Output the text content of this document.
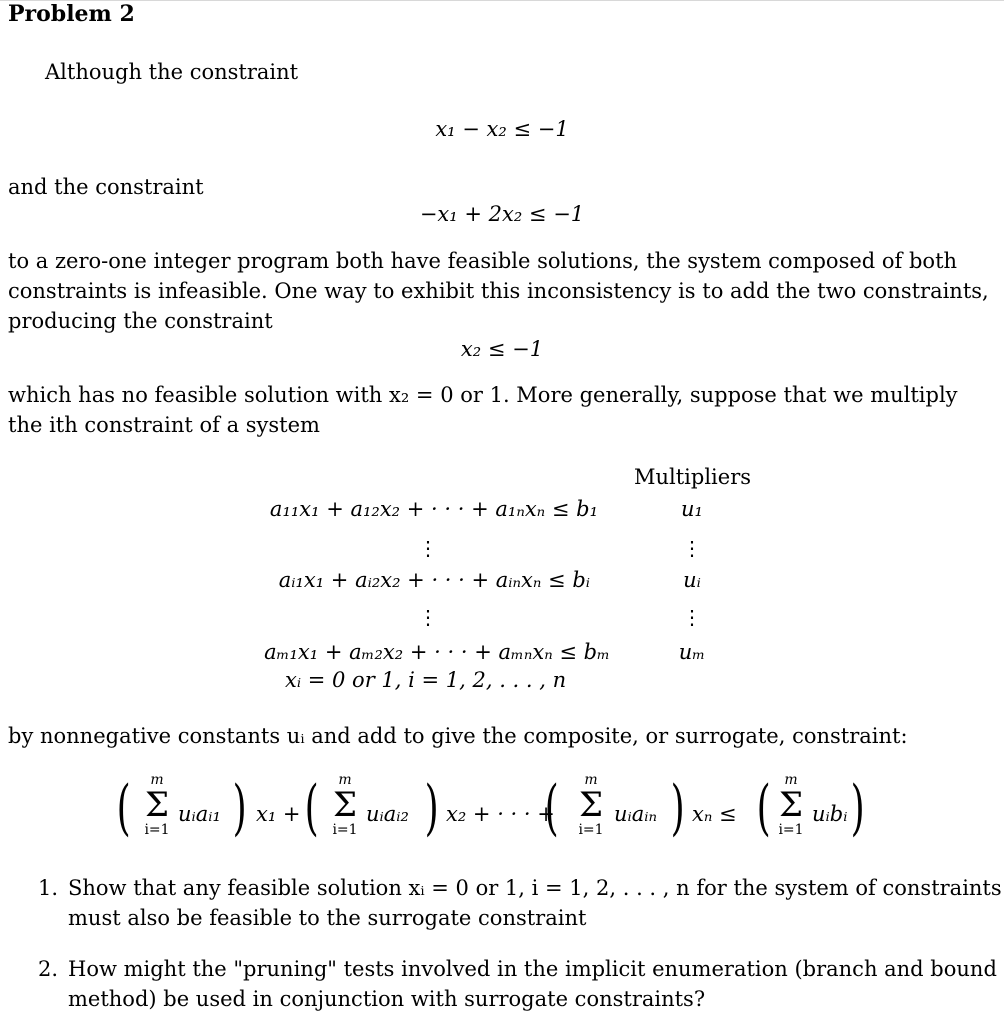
Problem 2
Although the constraint
x₁ − x₂ ≤ −1
and the constraint
−x₁ + 2x₂ ≤ −1
to a zero-one integer program both have feasible solutions, the system composed of both
constraints is infeasible. One way to exhibit this inconsistency is to add the two constraints,
producing the constraint
x₂ ≤ −1
which has no feasible solution with x₂ = 0 or 1. More generally, suppose that we multiply
the ith constraint of a system
Multipliers
a₁₁x₁ + a₁₂x₂ + · · · + a₁ₙxₙ ≤ b₁	u₁
⋮	⋮
aᵢ₁x₁ + aᵢ₂x₂ + · · · + aᵢₙxₙ ≤ bᵢ	uᵢ
⋮	⋮
aₘ₁x₁ + aₘ₂x₂ + · · · + aₘₙxₙ ≤ bₘ	uₘ
xᵢ = 0 or 1, i = 1, 2, . . . , n
by nonnegative constants uᵢ and add to give the composite, or surrogate, constraint:
(	m
Σ
i=1
uᵢaᵢ₁ ) x₁ + (	m
Σ
i=1
uᵢaᵢ₂ ) x₂ + · · · +
(	m
Σ
i=1
uᵢaᵢₙ ) xₙ ≤ ( m
Σ
i=1
uᵢbᵢ )
1. Show that any feasible solution xᵢ = 0 or 1, i = 1, 2, . . . , n for the system of constraints
must also be feasible to the surrogate constraint
2. How might the "pruning" tests involved in the implicit enumeration (branch and bound
method) be used in conjunction with surrogate constraints?
